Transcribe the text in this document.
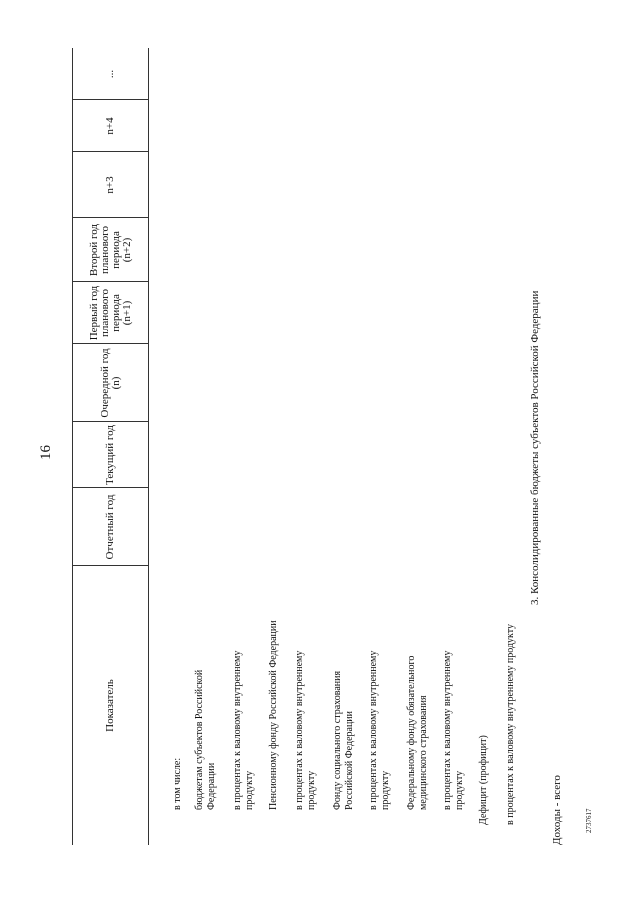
16
Показатель
Отчетный год
Текущий год
Очередной год (n)
Первый год планового периода (n+1)
Второй год планового периода (n+2)
n+3
n+4
...
в том числе: бюджетам субъектов Российской Федерации в процентах к валовому внутреннему продукту Пенсионному фонду Российской Федерации в процентах к валовому внутреннему продукту Фонду социального страхования Российской Федерации в процентах к валовому внутреннему продукту Федеральному фонду обязательного медицинского страхования в процентах к валовому внутреннему продукту Дефицит (профицит) в процентах к валовому внутреннему продукту
3. Консолидированные бюджеты субъектов Российской Федерации
Доходы - всего	2737617
